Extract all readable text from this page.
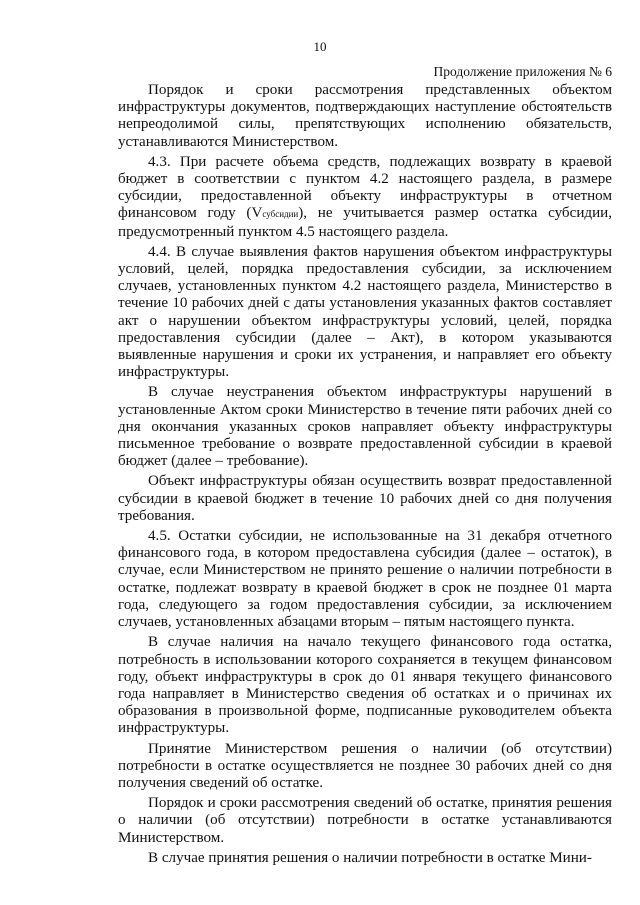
10
Продолжение приложения № 6

Порядок и сроки рассмотрения представленных объектом инфраструктуры документов, подтверждающих наступление обстоятельств непреодолимой силы, препятствующих исполнению обязательств, устанавливаются Министерством.

4.3. При расчете объема средств, подлежащих возврату в краевой бюджет в соответствии с пунктом 4.2 настоящего раздела, в размере субсидии, предоставленной объекту инфраструктуры в отчетном финансовом году (Vсубсидии), не учитывается размер остатка субсидии, предусмотренный пунктом 4.5 настоящего раздела.

4.4. В случае выявления фактов нарушения объектом инфраструктуры условий, целей, порядка предоставления субсидии, за исключением случаев, установленных пунктом 4.2 настоящего раздела, Министерство в течение 10 рабочих дней с даты установления указанных фактов составляет акт о нарушении объектом инфраструктуры условий, целей, порядка предоставления субсидии (далее – Акт), в котором указываются выявленные нарушения и сроки их устранения, и направляет его объекту инфраструктуры.

В случае неустранения объектом инфраструктуры нарушений в установленные Актом сроки Министерство в течение пяти рабочих дней со дня окончания указанных сроков направляет объекту инфраструктуры письменное требование о возврате предоставленной субсидии в краевой бюджет (далее – требование).

Объект инфраструктуры обязан осуществить возврат предоставленной субсидии в краевой бюджет в течение 10 рабочих дней со дня получения требования.

4.5. Остатки субсидии, не использованные на 31 декабря отчетного финансового года, в котором предоставлена субсидия (далее – остаток), в случае, если Министерством не принято решение о наличии потребности в остатке, подлежат возврату в краевой бюджет в срок не позднее 01 марта года, следующего за годом предоставления субсидии, за исключением случаев, установленных абзацами вторым – пятым настоящего пункта.

В случае наличия на начало текущего финансового года остатка, потребность в использовании которого сохраняется в текущем финансовом году, объект инфраструктуры в срок до 01 января текущего финансового года направляет в Министерство сведения об остатках и о причинах их образования в произвольной форме, подписанные руководителем объекта инфраструктуры.

Принятие Министерством решения о наличии (об отсутствии) потребности в остатке осуществляется не позднее 30 рабочих дней со дня получения сведений об остатке.

Порядок и сроки рассмотрения сведений об остатке, принятия решения о наличии (об отсутствии) потребности в остатке устанавливаются Министерством.

В случае принятия решения о наличии потребности в остатке Мини-
